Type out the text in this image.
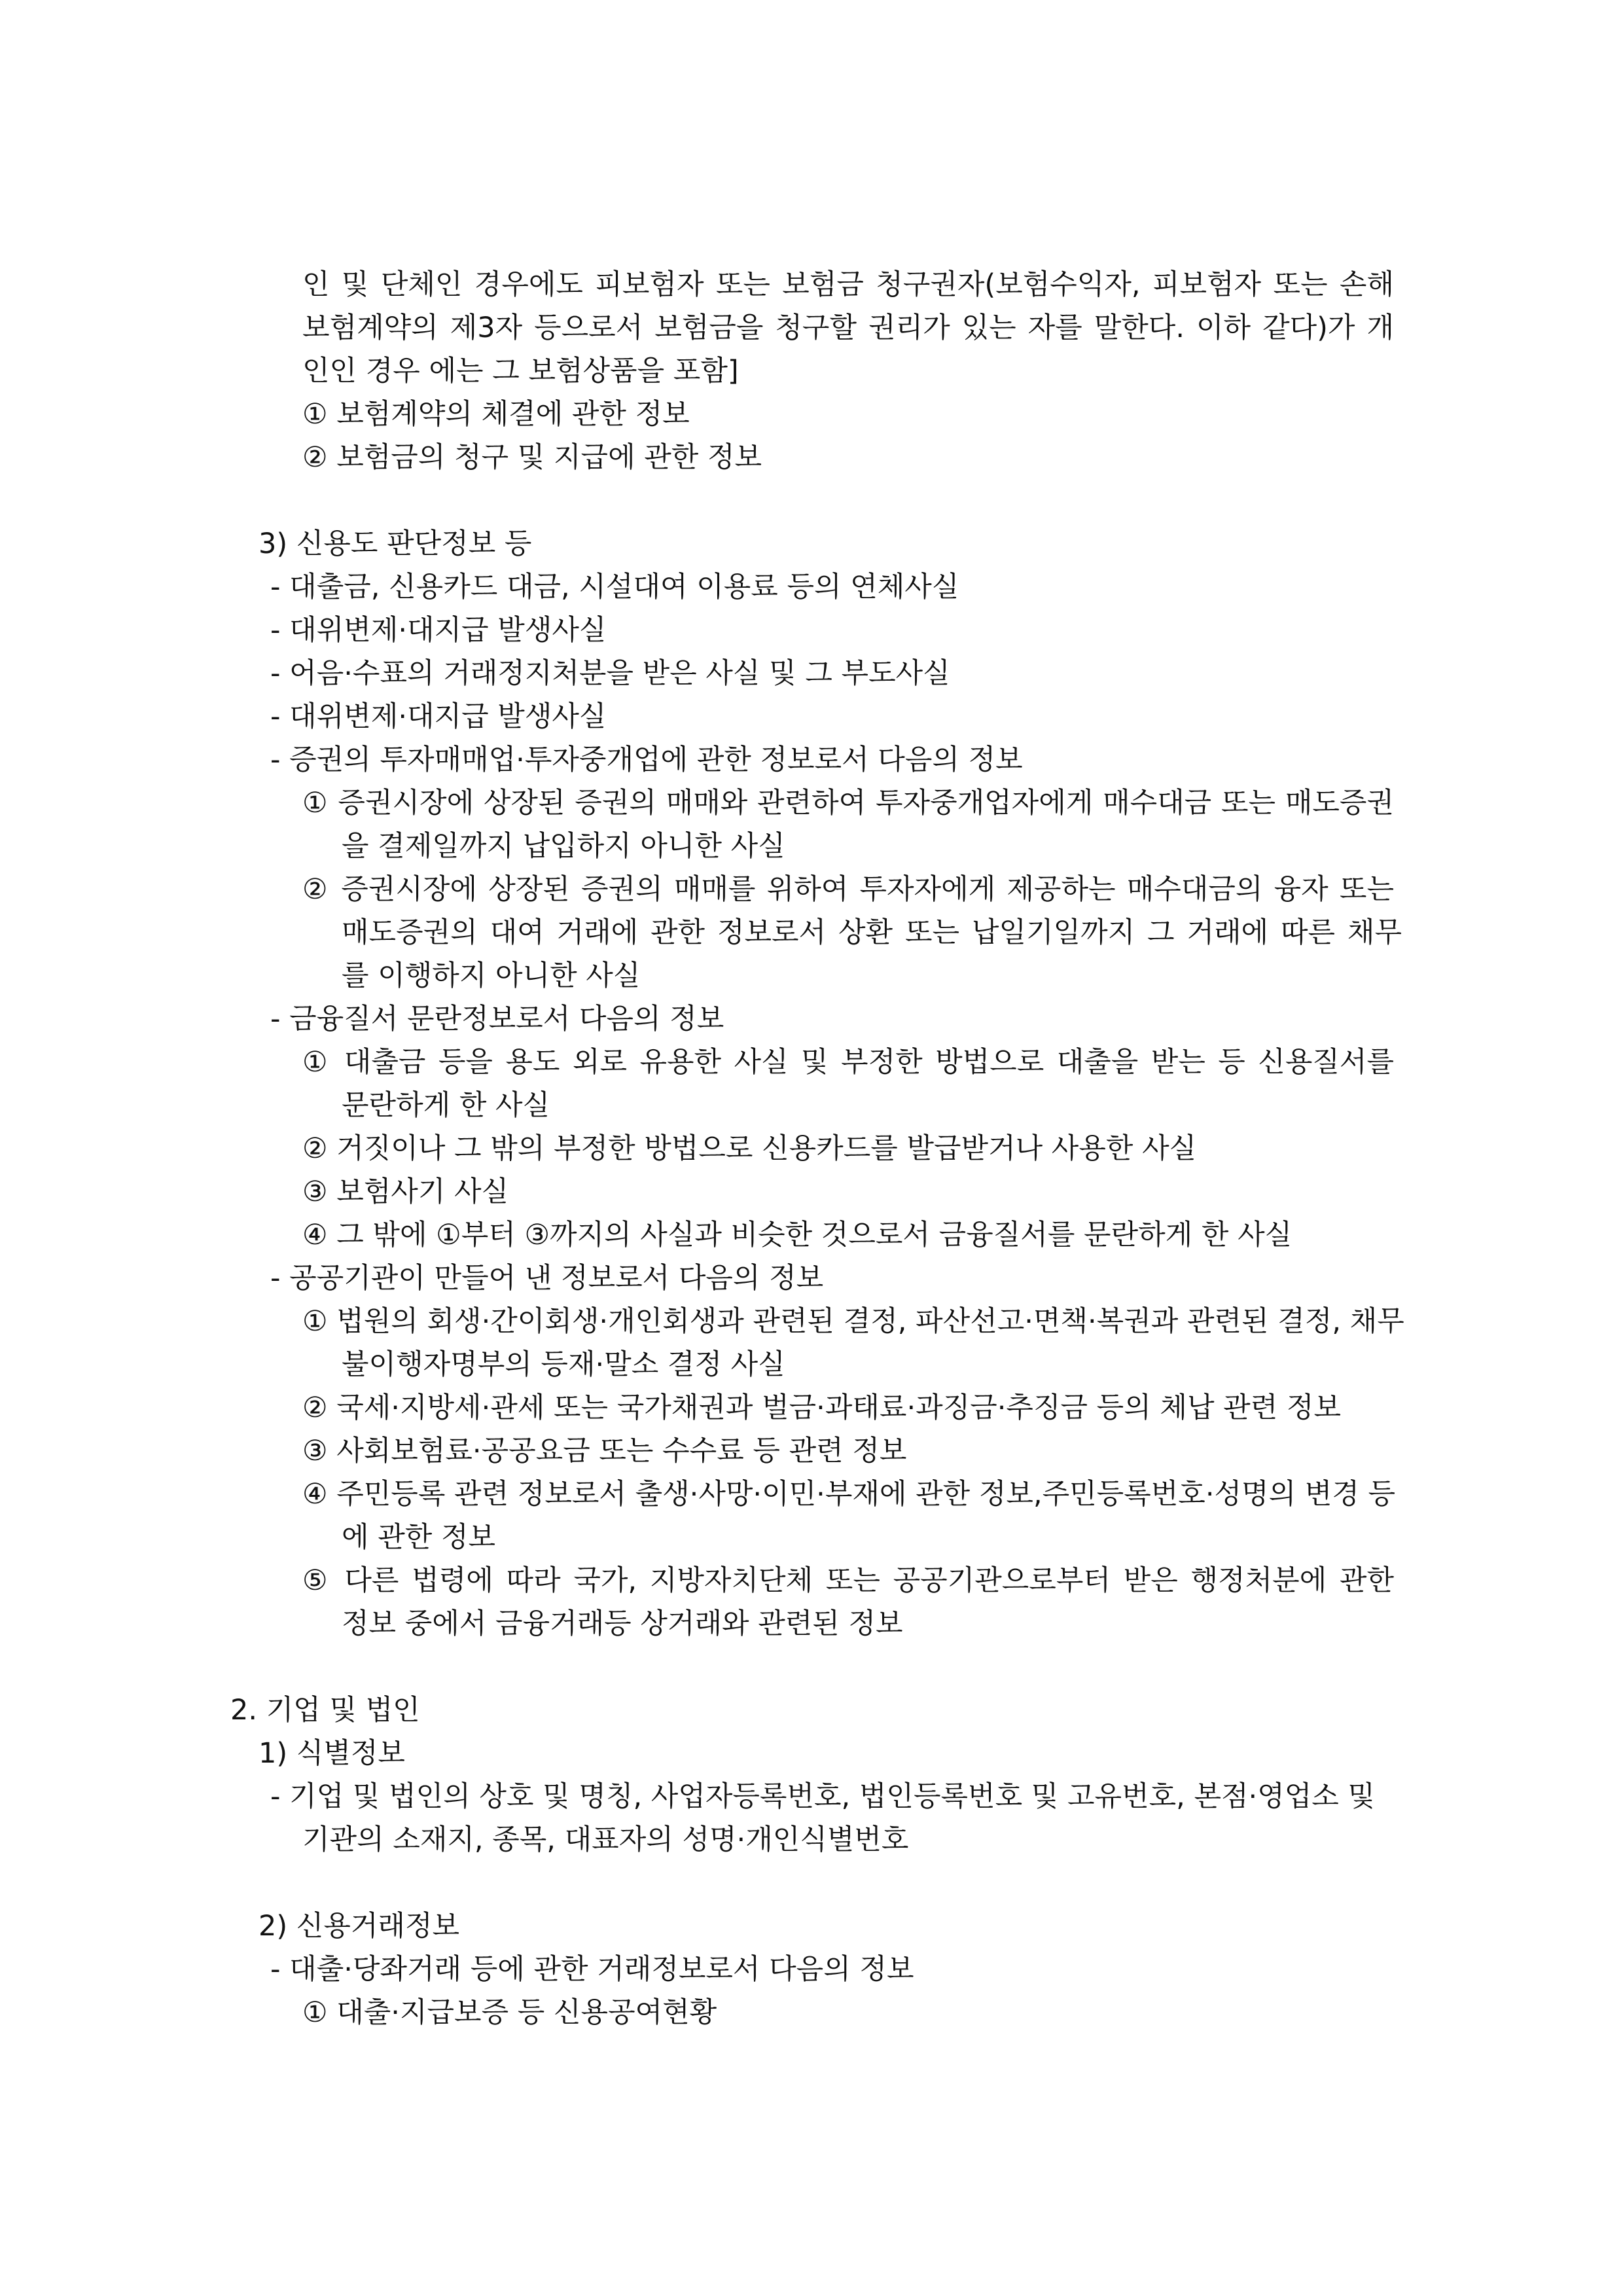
인 및 단체인 경우에도 피보험자 또는 보험금 청구권자(보험수익자, 피보험자 또는 손해

보험계약의 제3자 등으로서 보험금을 청구할 권리가 있는 자를 말한다. 이하 같다)가 개

인인 경우 에는 그 보험상품을 포함]

① 보험계약의 체결에 관한 정보

② 보험금의 청구 및 지급에 관한 정보

3) 신용도 판단정보 등

- 대출금, 신용카드 대금, 시설대여 이용료 등의 연체사실

- 대위변제·대지급 발생사실

- 어음·수표의 거래정지처분을 받은 사실 및 그 부도사실

- 대위변제·대지급 발생사실

- 증권의 투자매매업·투자중개업에 관한 정보로서 다음의 정보

① 증권시장에 상장된 증권의 매매와 관련하여 투자중개업자에게 매수대금 또는 매도증권

을 결제일까지 납입하지 아니한 사실

② 증권시장에 상장된 증권의 매매를 위하여 투자자에게 제공하는 매수대금의 융자 또는

매도증권의 대여 거래에 관한 정보로서 상환 또는 납일기일까지 그 거래에 따른 채무

를 이행하지 아니한 사실

- 금융질서 문란정보로서 다음의 정보

① 대출금 등을 용도 외로 유용한 사실 및 부정한 방법으로 대출을 받는 등 신용질서를

문란하게 한 사실

② 거짓이나 그 밖의 부정한 방법으로 신용카드를 발급받거나 사용한 사실

③ 보험사기 사실

④ 그 밖에 ①부터 ③까지의 사실과 비슷한 것으로서 금융질서를 문란하게 한 사실

- 공공기관이 만들어 낸 정보로서 다음의 정보

① 법원의 회생·간이회생·개인회생과 관련된 결정, 파산선고·면책·복권과 관련된 결정, 채무

불이행자명부의 등재·말소 결정 사실

② 국세·지방세·관세 또는 국가채권과 벌금·과태료·과징금·추징금 등의 체납 관련 정보

③ 사회보험료·공공요금 또는 수수료 등 관련 정보

④ 주민등록 관련 정보로서 출생·사망·이민·부재에 관한 정보,주민등록번호·성명의 변경 등

에 관한 정보

⑤ 다른 법령에 따라 국가, 지방자치단체 또는 공공기관으로부터 받은 행정처분에 관한

정보 중에서 금융거래등 상거래와 관련된 정보

2. 기업 및 법인

1) 식별정보

- 기업 및 법인의 상호 및 명칭, 사업자등록번호, 법인등록번호 및 고유번호, 본점·영업소 및

기관의 소재지, 종목, 대표자의 성명·개인식별번호

2) 신용거래정보

- 대출·당좌거래 등에 관한 거래정보로서 다음의 정보

① 대출·지급보증 등 신용공여현황
